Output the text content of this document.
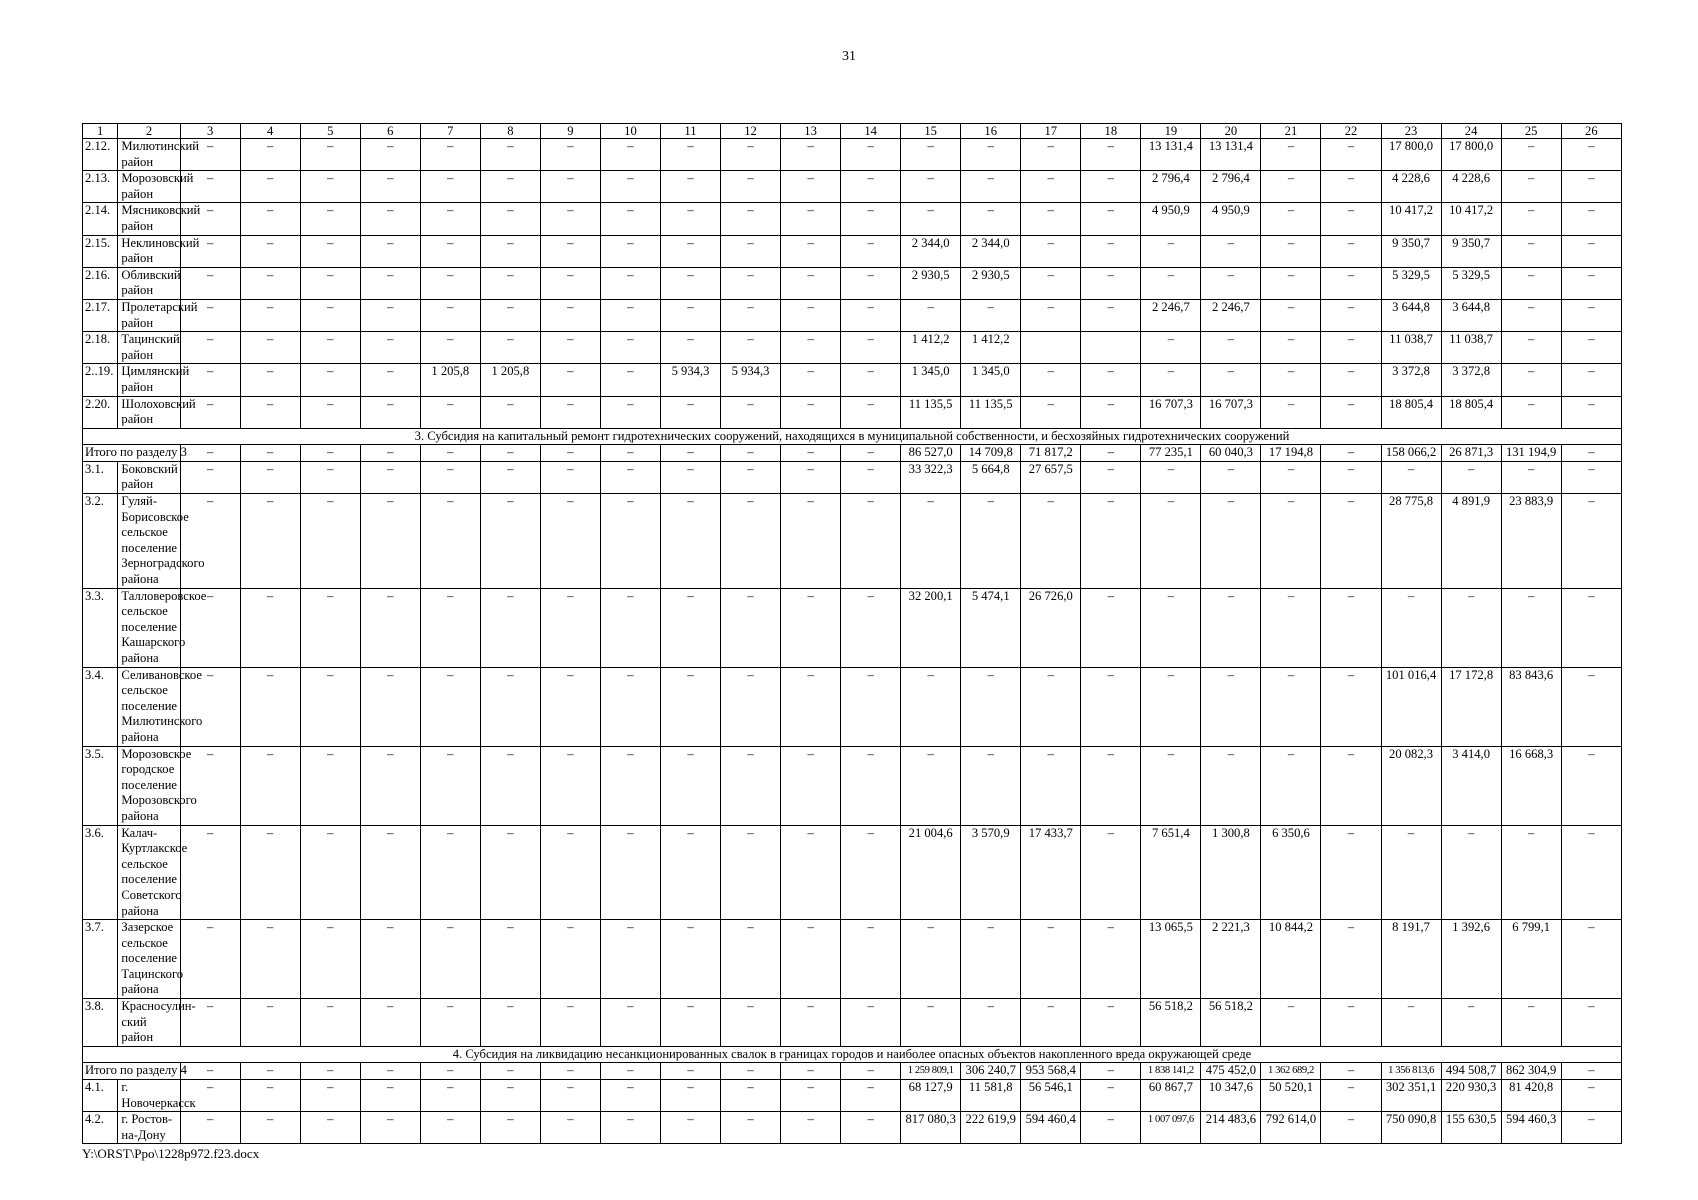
31
1	2	3	4	5	6	7	8	9	10	11	12	13	14	15	16	17	18	19	20	21	22	23	24	25	26
2.12.	Милютинский район	–	–	–	–	–	–	–	–	–	–	–	–	–	–	–	–	13 131,4	13 131,4	–	–	17 800,0	17 800,0	–	–
2.13.	Морозовский район	–	–	–	–	–	–	–	–	–	–	–	–	–	–	–	–	2 796,4	2 796,4	–	–	4 228,6	4 228,6	–	–
2.14.	Мясниковский район	–	–	–	–	–	–	–	–	–	–	–	–	–	–	–	–	4 950,9	4 950,9	–	–	10 417,2	10 417,2	–	–
2.15.	Неклиновский район	–	–	–	–	–	–	–	–	–	–	–	–	2 344,0	2 344,0	–	–	–	–	–	–	9 350,7	9 350,7	–	–
2.16.	Обливский район	–	–	–	–	–	–	–	–	–	–	–	–	2 930,5	2 930,5	–	–	–	–	–	–	5 329,5	5 329,5	–	–
2.17.	Пролетарский район	–	–	–	–	–	–	–	–	–	–	–	–	–	–	–	–	2 246,7	2 246,7	–	–	3 644,8	3 644,8	–	–
2.18.	Тацинский район	–	–	–	–	–	–	–	–	–	–	–	–	1 412,2	1 412,2			–	–	–	–	11 038,7	11 038,7	–	–
2..19.	Цимлянский район	–	–	–	–	1 205,8	1 205,8	–	–	5 934,3	5 934,3	–	–	1 345,0	1 345,0	–	–	–	–	–	–	3 372,8	3 372,8	–	–
2.20.	Шолоховский район	–	–	–	–	–	–	–	–	–	–	–	–	11 135,5	11 135,5	–	–	16 707,3	16 707,3	–	–	18 805,4	18 805,4	–	–
3. Субсидия на капитальный ремонт гидротехнических сооружений, находящихся в муниципальной собственности, и бесхозяйных гидротехнических сооружений																									
Итого по разделу 3		–	–	–	–	–	–	–	–	–	–	–	–	86 527,0	14 709,8	71 817,2	–	77 235,1	60 040,3	17 194,8	–	158 066,2	26 871,3	131 194,9	–
3.1.	Боковский район	–	–	–	–	–	–	–	–	–	–	–	–	33 322,3	5 664,8	27 657,5	–	–	–	–	–	–	–	–	–
3.2.	Гуляй-Борисовское сельское поселение Зерноградского района	–	–	–	–	–	–	–	–	–	–	–	–	–	–	–	–	–	–	–	–	28 775,8	4 891,9	23 883,9	–
3.3.	Талловеровское сельское поселение Кашарского района	–	–	–	–	–	–	–	–	–	–	–	–	32 200,1	5 474,1	26 726,0	–	–	–	–	–	–	–	–	–
3.4.	Селивановское сельское поселение Милютинского района	–	–	–	–	–	–	–	–	–	–	–	–	–	–	–	–	–	–	–	–	101 016,4	17 172,8	83 843,6	–
3.5.	Морозовское городское поселение Морозовского района	–	–	–	–	–	–	–	–	–	–	–	–	–	–	–	–	–	–	–	–	20 082,3	3 414,0	16 668,3	–
3.6.	Калач-Куртлакское сельское поселение Советского района	–	–	–	–	–	–	–	–	–	–	–	–	21 004,6	3 570,9	17 433,7	–	7 651,4	1 300,8	6 350,6	–	–	–	–	–
3.7.	Зазерское сельское поселение Тацинского района	–	–	–	–	–	–	–	–	–	–	–	–	–	–	–	–	13 065,5	2 221,3	10 844,2	–	8 191,7	1 392,6	6 799,1	–
3.8.	Красносулин-ский район	–	–	–	–	–	–	–	–	–	–	–	–	–	–	–	–	56 518,2	56 518,2	–	–	–	–	–	–
4. Субсидия на ликвидацию несанкционированных свалок в границах городов и наиболее опасных объектов накопленного вреда окружающей среде																									
Итого по разделу 4		–	–	–	–	–	–	–	–	–	–	–	–	1 259 809,1	306 240,7	953 568,4	–	1 838 141,2	475 452,0	1 362 689,2	–	1 356 813,6	494 508,7	862 304,9	–
4.1.	г. Новочеркасск	–	–	–	–	–	–	–	–	–	–	–	–	68 127,9	11 581,8	56 546,1	–	60 867,7	10 347,6	50 520,1	–	302 351,1	220 930,3	81 420,8	–
4.2.	г. Ростов-на-Дону	–	–	–	–	–	–	–	–	–	–	–	–	817 080,3	222 619,9	594 460,4	–	1 007 097,6	214 483,6	792 614,0	–	750 090,8	155 630,5	594 460,3	–
Y:\ORST\Ppo\1228p972.f23.docx
